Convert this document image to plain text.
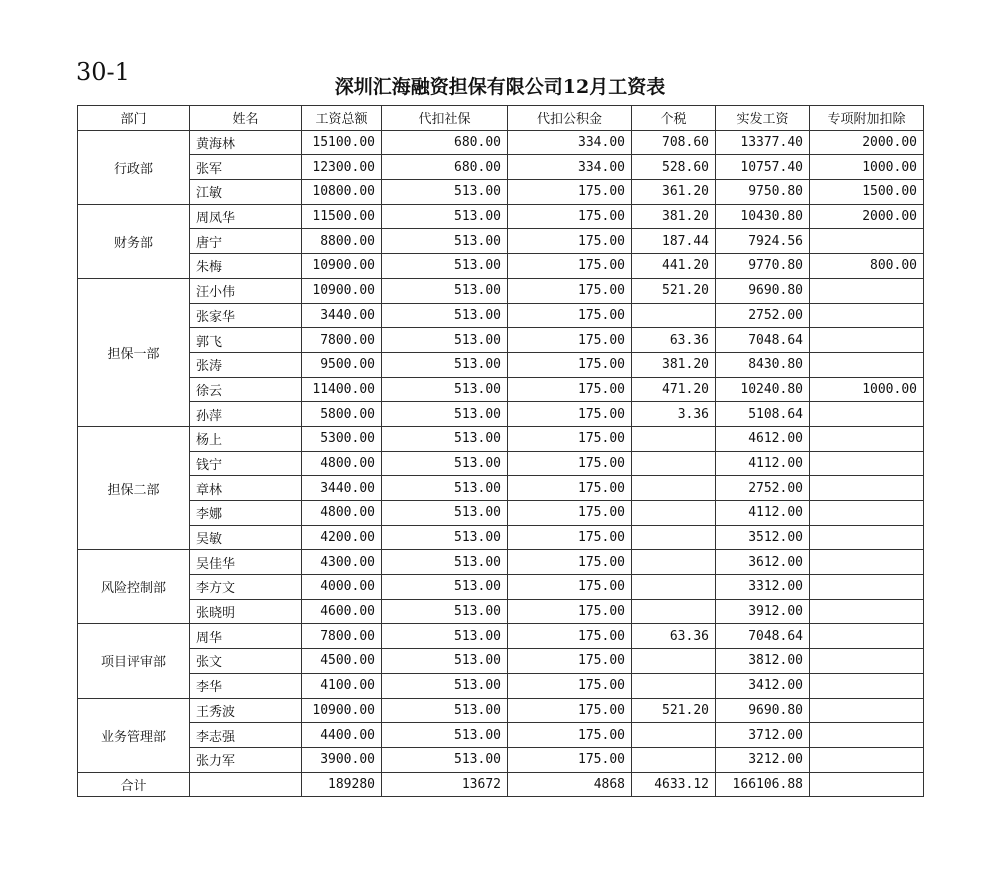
30-1
深圳汇海融资担保有限公司12月工资表
部门	姓名	工资总额	代扣社保	代扣公积金	个税	实发工资	专项附加扣除
行政部	黄海林	15100.00	680.00	334.00	708.60	13377.40	2000.00
	张军	12300.00	680.00	334.00	528.60	10757.40	1000.00
	江敏	10800.00	513.00	175.00	361.20	9750.80	1500.00
财务部	周凤华	11500.00	513.00	175.00	381.20	10430.80	2000.00
	唐宁	8800.00	513.00	175.00	187.44	7924.56	
	朱梅	10900.00	513.00	175.00	441.20	9770.80	800.00
担保一部	汪小伟	10900.00	513.00	175.00	521.20	9690.80	
	张家华	3440.00	513.00	175.00		2752.00	
	郭飞	7800.00	513.00	175.00	63.36	7048.64	
	张涛	9500.00	513.00	175.00	381.20	8430.80	
	徐云	11400.00	513.00	175.00	471.20	10240.80	1000.00
	孙萍	5800.00	513.00	175.00	3.36	5108.64	
担保二部	杨上	5300.00	513.00	175.00		4612.00	
	钱宁	4800.00	513.00	175.00		4112.00	
	章林	3440.00	513.00	175.00		2752.00	
	李娜	4800.00	513.00	175.00		4112.00	
	吴敏	4200.00	513.00	175.00		3512.00	
风险控制部	吴佳华	4300.00	513.00	175.00		3612.00	
	李方文	4000.00	513.00	175.00		3312.00	
	张晓明	4600.00	513.00	175.00		3912.00	
项目评审部	周华	7800.00	513.00	175.00	63.36	7048.64	
	张文	4500.00	513.00	175.00		3812.00	
	李华	4100.00	513.00	175.00		3412.00	
业务管理部	王秀波	10900.00	513.00	175.00	521.20	9690.80	
	李志强	4400.00	513.00	175.00		3712.00	
	张力军	3900.00	513.00	175.00		3212.00	
合计		189280	13672	4868	4633.12	166106.88	
